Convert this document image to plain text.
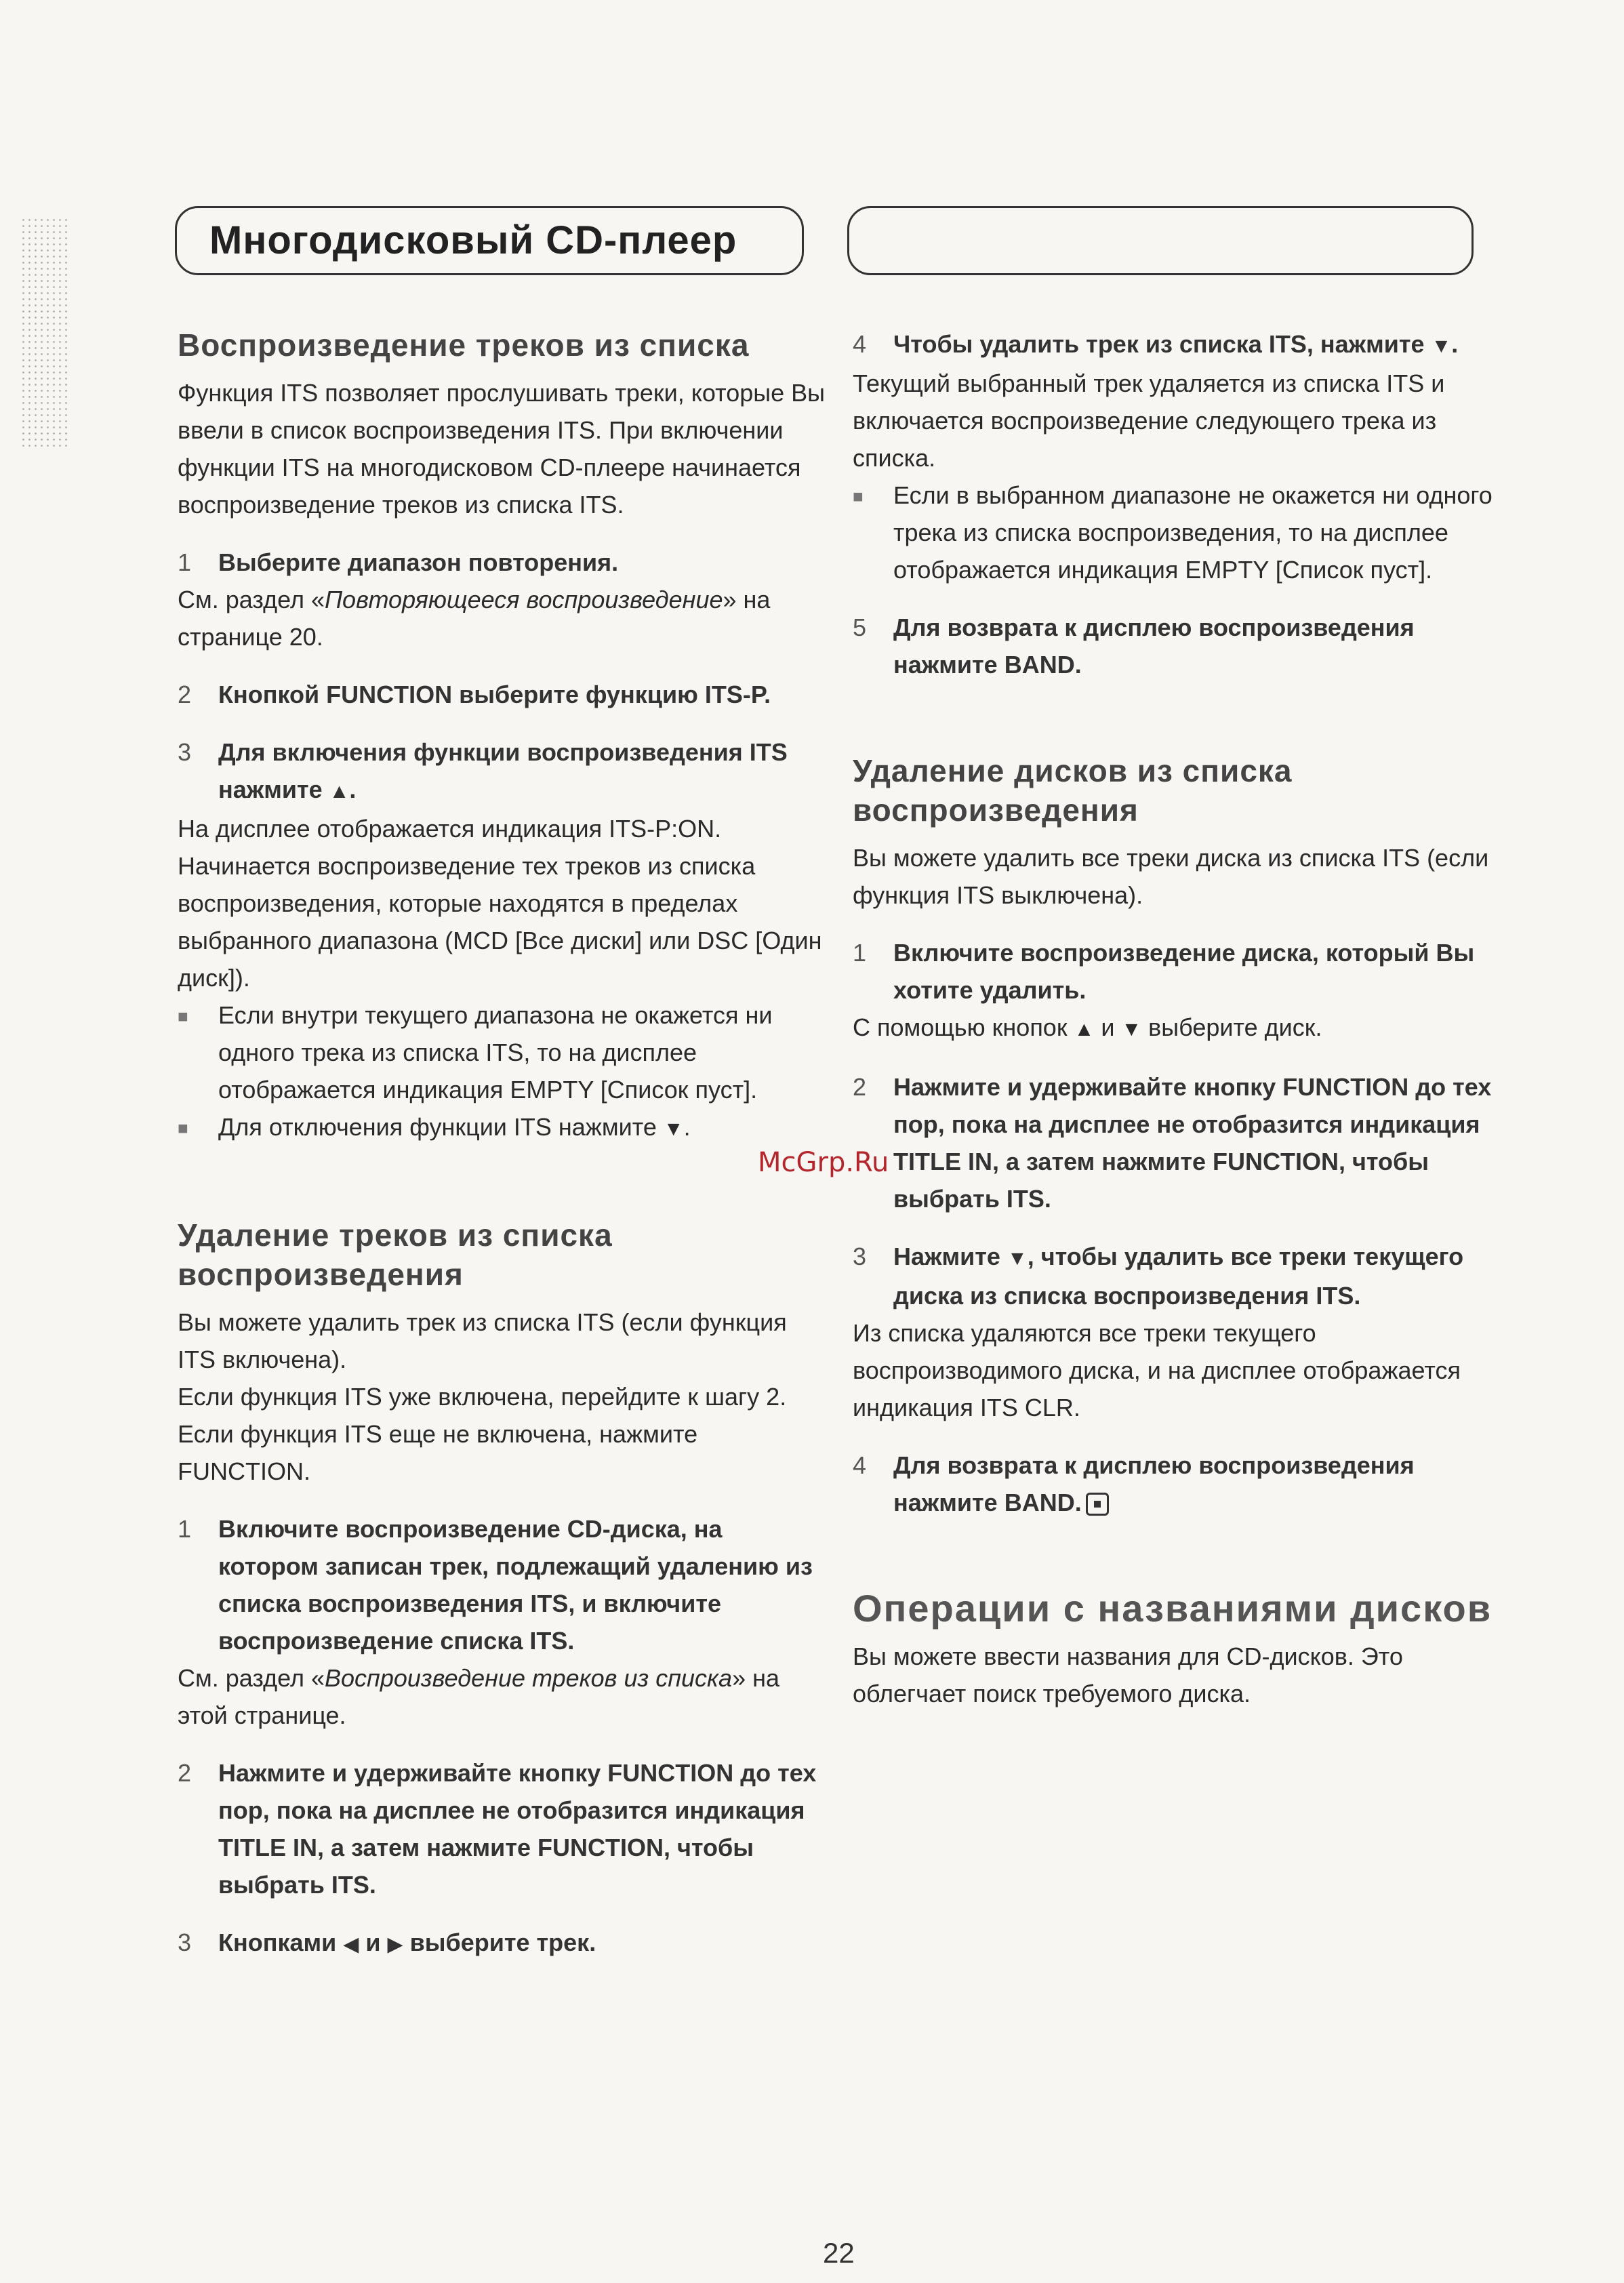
Многодисковый CD-плеер
Воспроизведение треков из списка

Функция ITS позволяет прослушивать треки, которые Вы ввели в список воспроизведения ITS. При включении функции ITS на многодисковом CD-плеере начинается воспроизведение треков из списка ITS.

1	Выберите диапазон повторения.

См. раздел «Повторяющееся воспроизведение» на странице 20.

2	Кнопкой FUNCTION выберите функцию ITS-P.
3	Для включения функции воспроизведения ITS нажмите ▲.

На дисплее отображается индикация ITS-P:ON. Начинается воспроизведение тех треков из списка воспроизведения, которые находятся в пределах выбранного диапазона (MCD [Все диски] или DSC [Один диск]).

■	Если внутри текущего диапазона не окажется ни одного трека из списка ITS, то на дисплее отображается индикация EMPTY [Список пуст].
■	Для отключения функции ITS нажмите ▼.
Удаление треков из списка воспроизведения

Вы можете удалить трек из списка ITS (если функция ITS включена).

Если функция ITS уже включена, перейдите к шагу 2. Если функция ITS еще не включена, нажмите FUNCTION.

1	Включите воспроизведение CD-диска, на котором записан трек, подлежащий удалению из списка воспроизведения ITS, и включите воспроизведение списка ITS.

См. раздел «Воспроизведение треков из списка» на этой странице.

2	Нажмите и удерживайте кнопку FUNCTION до тех пор, пока на дисплее не отобразится индикация TITLE IN, а затем нажмите FUNCTION, чтобы выбрать ITS.
3	Кнопками ◀ и ▶ выберите трек.
4	Чтобы удалить трек из списка ITS, нажмите ▼.

Текущий выбранный трек удаляется из списка ITS и включается воспроизведение следующего трека из списка.

■	Если в выбранном диапазоне не окажется ни одного трека из списка воспроизведения, то на дисплее отображается индикация EMPTY [Список пуст].
5	Для возврата к дисплею воспроизведения нажмите BAND.
Удаление дисков из списка воспроизведения

Вы можете удалить все треки диска из списка ITS (если функция ITS выключена).

1	Включите воспроизведение диска, который Вы хотите удалить.

С помощью кнопок ▲ и ▼ выберите диск.

2	Нажмите и удерживайте кнопку FUNCTION до тех пор, пока на дисплее не отобразится индикация TITLE IN, а затем нажмите FUNCTION, чтобы выбрать ITS.
3	Нажмите ▼, чтобы удалить все треки текущего диска из списка воспроизведения ITS.

Из списка удаляются все треки текущего воспроизводимого диска, и на дисплее отображается индикация ITS CLR.

4	Для возврата к дисплею воспроизведения нажмите BAND.
Операции с названиями дисков

Вы можете ввести названия для CD-дисков. Это облегчает поиск требуемого диска.

McGrp.Ru
22
